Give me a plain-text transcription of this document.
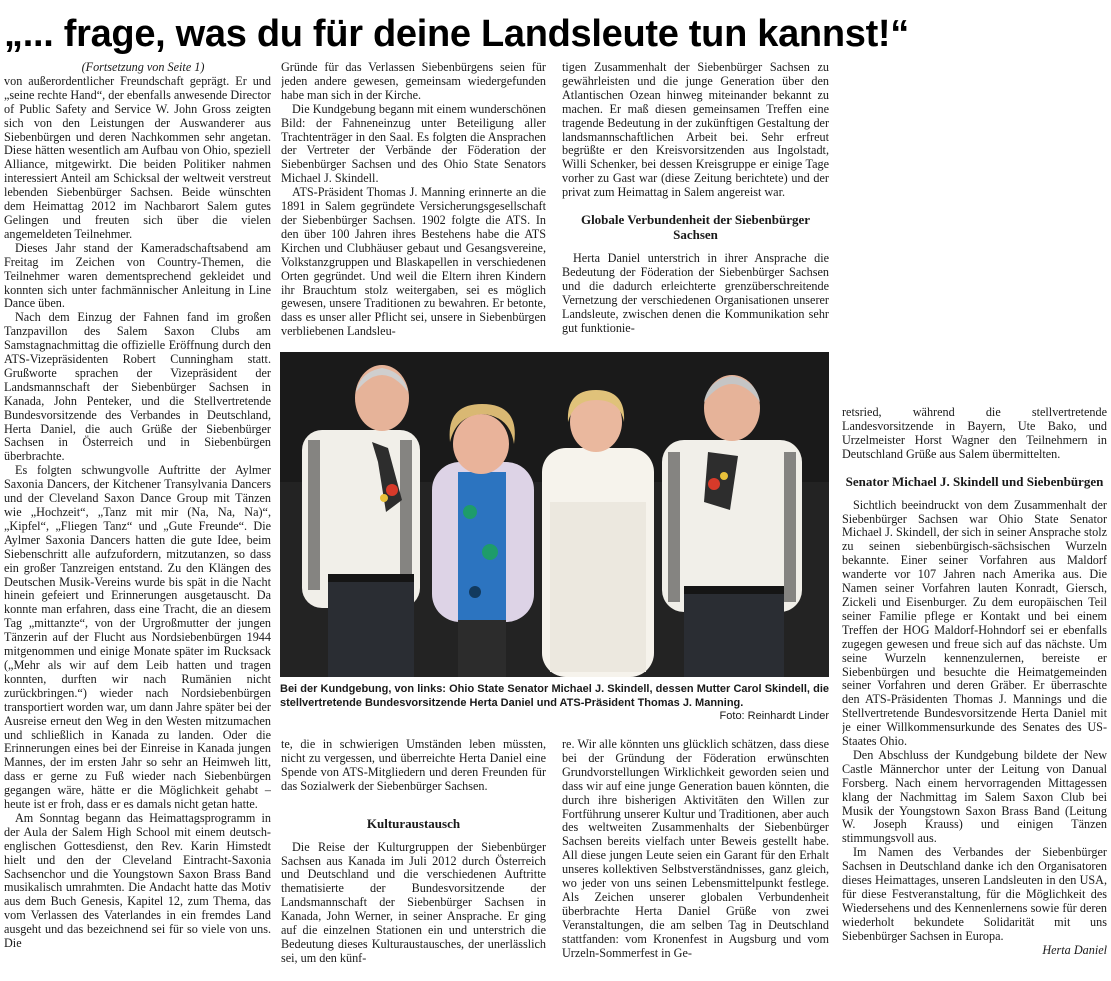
„... frage, was du für deine Landsleute tun kannst!“

(Fortsetzung von Seite 1)

von außerordentlicher Freundschaft geprägt. Er und „seine rechte Hand“, der ebenfalls anwesende Director of Public Safety and Service W. John Gross zeigten sich von den Leistungen der Auswanderer aus Siebenbürgen und deren Nachkommen sehr angetan. Diese hätten wesentlich am Aufbau von Ohio, speziell Alliance, mitgewirkt. Die beiden Politiker nahmen interessiert Anteil am Schicksal der weltweit verstreut lebenden Siebenbürger Sachsen. Beide wünschten dem Heimattag 2012 im Nachbarort Salem gutes Gelingen und freuten sich über die vielen angemeldeten Teilnehmer.

Dieses Jahr stand der Kameradschaftsabend am Freitag im Zeichen von Country-Themen, die Teilnehmer waren dementsprechend gekleidet und konnten sich unter fachmännischer Anleitung in Line Dance üben.

Nach dem Einzug der Fahnen fand im großen Tanzpavillon des Salem Saxon Clubs am Samstagnachmittag die offizielle Eröffnung durch den ATS-Vizepräsidenten Robert Cunningham statt. Grußworte sprachen der Vizepräsident der Landsmannschaft der Siebenbürger Sachsen in Kanada, John Penteker, und die Stellvertretende Bundesvorsitzende des Verbandes in Deutschland, Herta Daniel, die auch Grüße der Siebenbürger Sachsen in Österreich und in Siebenbürgen überbrachte.

Es folgten schwungvolle Auftritte der Aylmer Saxonia Dancers, der Kitchener Transylvania Dancers und der Cleveland Saxon Dance Group mit Tänzen wie „Hochzeit“, „Tanz mit mir (Na, Na, Na)“, „Kipfel“, „Fliegen Tanz“ und „Gute Freunde“. Die Aylmer Saxonia Dancers hatten die gute Idee, beim Siebenschritt alle aufzufordern, mitzutanzen, so dass ein großer Tanzreigen entstand. Zu den Klängen des Deutschen Musik-Vereins wurde bis spät in die Nacht hinein gefeiert und Erinnerungen ausgetauscht. Da konnte man erfahren, dass eine Tracht, die an diesem Tag „mittanzte“, von der Urgroßmutter der jungen Tänzerin auf der Flucht aus Nordsiebenbürgen 1944 mitgenommen und einige Monate später im Rucksack („Mehr als wir auf dem Leib hatten und tragen konnten, durften wir nach Rumänien nicht zurückbringen.“) wieder nach Nordsiebenbürgen transportiert worden war, um dann Jahre später bei der Ausreise erneut den Weg in den Westen mitzumachen und schließlich in Kanada zu landen. Oder die Erinnerungen eines bei der Einreise in Kanada jungen Mannes, der im ersten Jahr so sehr an Heimweh litt, dass er gerne zu Fuß wieder nach Siebenbürgen gegangen wäre, hätte er die Möglichkeit gehabt – heute ist er froh, dass er es damals nicht getan hatte.

Am Sonntag begann das Heimattagsprogramm in der Aula der Salem High School mit einem deutsch-englischen Gottesdienst, den Rev. Karin Himstedt hielt und den der Cleveland Eintracht-Saxonia Sachsenchor und die Youngstown Saxon Brass Band musikalisch umrahmten. Die Andacht hatte das Motiv aus dem Buch Genesis, Kapitel 12, zum Thema, das vom Verlassen des Vaterlandes in ein fremdes Land ausgeht und das bezeichnend sei für so viele von uns. Die

Gründe für das Verlassen Siebenbürgens seien für jeden andere gewesen, gemeinsam wiedergefunden habe man sich in der Kirche.

Die Kundgebung begann mit einem wunderschönen Bild: der Fahneneinzug unter Beteiligung aller Trachtenträger in den Saal. Es folgten die Ansprachen der Vertreter der Verbände der Föderation der Siebenbürger Sachsen und des Ohio State Senators Michael J. Skindell.

ATS-Präsident Thomas J. Manning erinnerte an die 1891 in Salem gegründete Versicherungsgesellschaft der Siebenbürger Sachsen. 1902 folgte die ATS. In den über 100 Jahren ihres Bestehens habe die ATS Kirchen und Clubhäuser gebaut und Gesangsvereine, Volkstanzgruppen und Blaskapellen in verschiedenen Orten gegründet. Und weil die Eltern ihren Kindern ihr Brauchtum stolz weitergaben, sei es möglich gewesen, unsere Traditionen zu bewahren. Er betonte, dass es unser aller Pflicht sei, unsere in Siebenbürgen verbliebenen Landsleu-

tigen Zusammenhalt der Siebenbürger Sachsen zu gewährleisten und die junge Generation über den Atlantischen Ozean hinweg miteinander bekannt zu machen. Er maß diesen gemeinsamen Treffen eine tragende Bedeutung in der zukünftigen Gestaltung der landsmannschaftlichen Arbeit bei. Sehr erfreut begrüßte er den Kreisvorsitzenden aus Ingolstadt, Willi Schenker, bei dessen Kreisgruppe er einige Tage vorher zu Gast war (diese Zeitung berichtete) und der privat zum Heimattag in Salem angereist war.

Globale Verbundenheit der Siebenbürger Sachsen

Herta Daniel unterstrich in ihrer Ansprache die Bedeutung der Föderation der Siebenbürger Sachsen und die dadurch erleichterte grenzüberschreitende Vernetzung der verschiedenen Organisationen unserer Landsleute, zwischen denen die Kommunikation sehr gut funktionie-

Bei der Kundgebung, von links: Ohio State Senator Michael J. Skindell, dessen Mutter Carol Skindell, die stellvertretende Bundesvorsitzende Herta Daniel und ATS-Präsident Thomas J. Manning.
Foto: Reinhardt Linder

te, die in schwierigen Umständen leben müssten, nicht zu vergessen, und überreichte Herta Daniel eine Spende von ATS-Mitgliedern und deren Freunden für das Sozialwerk der Siebenbürger Sachsen.

Kulturaustausch

Die Reise der Kulturgruppen der Siebenbürger Sachsen aus Kanada im Juli 2012 durch Österreich und Deutschland und die verschiedenen Auftritte thematisierte der Bundesvorsitzende der Landsmannschaft der Siebenbürger Sachsen in Kanada, John Werner, in seiner Ansprache. Er ging auf die einzelnen Stationen ein und unterstrich die Bedeutung dieses Kulturaustausches, der unerlässlich sei, um den künf-

re. Wir alle könnten uns glücklich schätzen, dass diese bei der Gründung der Föderation erwünschten Grundvorstellungen Wirklichkeit geworden seien und dass wir auf eine junge Generation bauen könnten, die durch ihre bisherigen Aktivitäten den Willen zur Fortführung unserer Kultur und Traditionen, aber auch des weltweiten Zusammenhalts der Siebenbürger Sachsen bereits vielfach unter Beweis gestellt habe. All diese jungen Leute seien ein Garant für den Erhalt unseres kollektiven Selbstverständnisses, ganz gleich, wo jeder von uns seinen Lebensmittelpunkt festlege. Als Zeichen unserer globalen Verbundenheit überbrachte Herta Daniel Grüße von zwei Veranstaltungen, die am selben Tag in Deutschland stattfanden: vom Kronenfest in Augsburg und vom Urzeln-Sommerfest in Ge-

retsried, während die stellvertretende Landesvorsitzende in Bayern, Ute Bako, und Urzelmeister Horst Wagner den Teilnehmern in Deutschland Grüße aus Salem übermittelten.

Senator Michael J. Skindell und Siebenbürgen

Sichtlich beeindruckt von dem Zusammenhalt der Siebenbürger Sachsen war Ohio State Senator Michael J. Skindell, der sich in seiner Ansprache stolz zu seinen siebenbürgisch-sächsischen Wurzeln bekannte. Einer seiner Vorfahren aus Maldorf wanderte vor 107 Jahren nach Amerika aus. Die Namen seiner Vorfahren lauten Konradt, Giersch, Zickeli und Eisenburger. Zu dem europäischen Teil seiner Familie pflege er Kontakt und bei einem Treffen der HOG Maldorf-Hohndorf sei er ebenfalls zugegen gewesen und freue sich auf das nächste. Um seine Wurzeln kennenzulernen, bereiste er Siebenbürgen und besuchte die Heimatgemeinden seiner Vorfahren und deren Gräber. Er überraschte den ATS-Präsidenten Thomas J. Mannings und die Stellvertretende Bundesvorsitzende Herta Daniel mit je einer Willkommensurkunde des Senates des US-Staates Ohio.

Den Abschluss der Kundgebung bildete der New Castle Männerchor unter der Leitung von Danual Forsberg. Nach einem hervorragenden Mittagessen klang der Nachmittag im Salem Saxon Club bei Musik der Youngstown Saxon Brass Band (Leitung W. Joseph Krauss) und einigen Tänzen stimmungsvoll aus.

Im Namen des Verbandes der Siebenbürger Sachsen in Deutschland danke ich den Organisatoren dieses Heimattages, unseren Landsleuten in den USA, für diese Festveranstaltung, für die Möglichkeit des Wiedersehens und des Kennenlernens sowie für deren wiederholt bekundete Solidarität mit uns Siebenbürger Sachsen in Europa.

Herta Daniel
